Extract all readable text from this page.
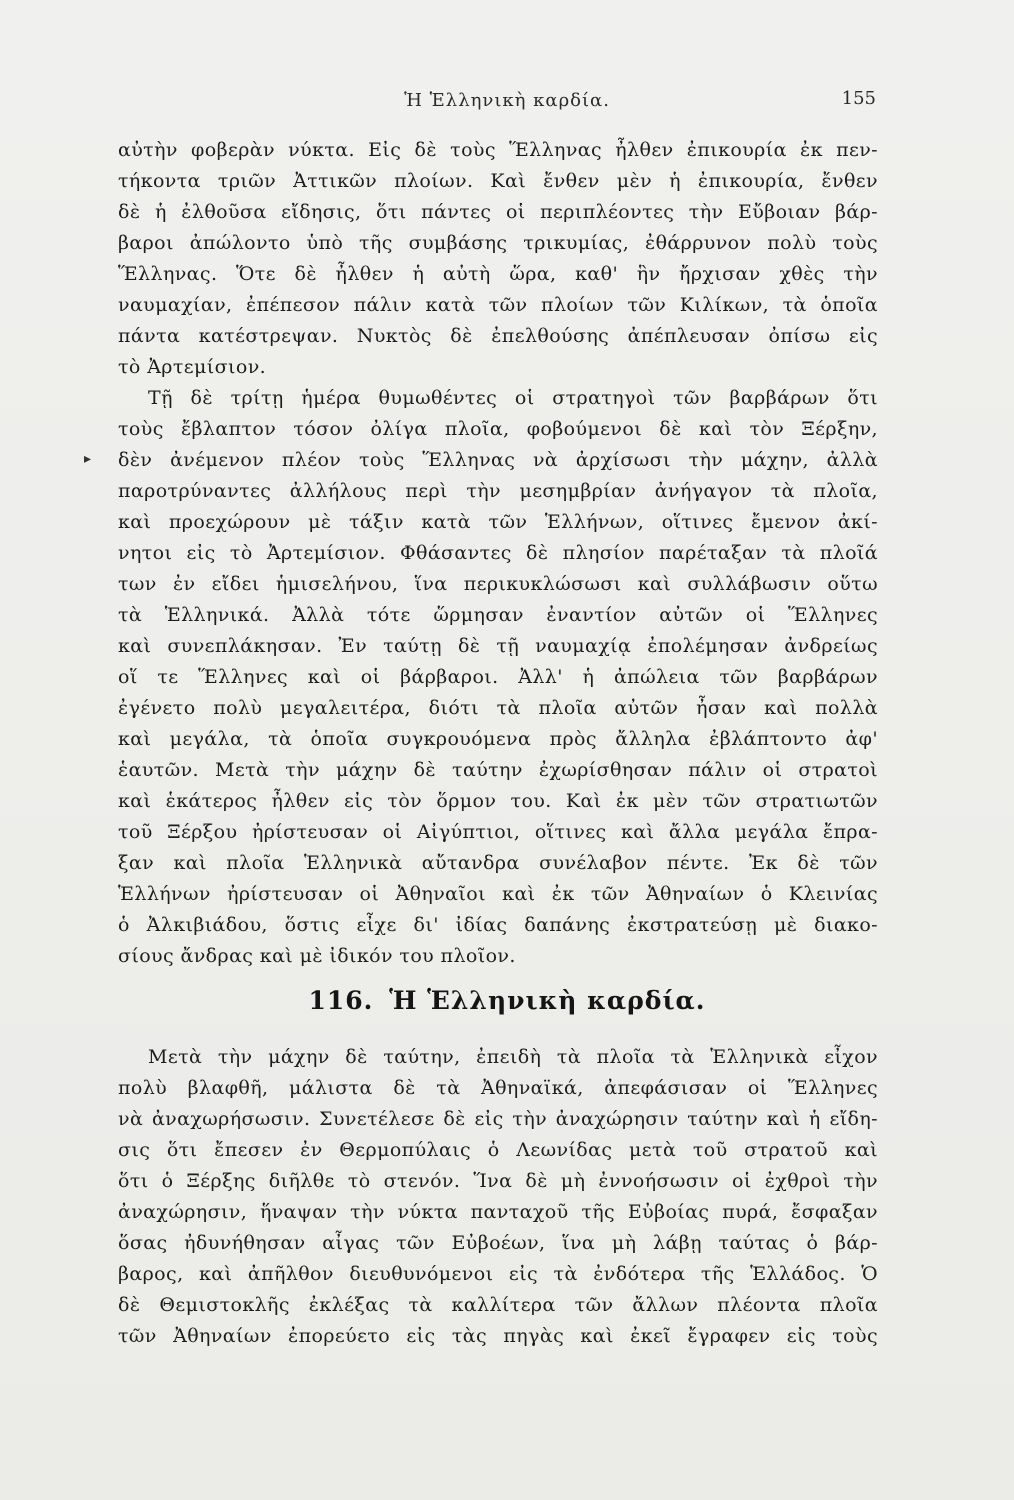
Ἡ Ἑλληνικὴ καρδία.	155
▸
αὐτὴν φοβερὰν νύκτα. Εἰς δὲ τοὺς Ἕλληνας ἦλθεν ἐπικουρία ἐκ πεν-
τήκοντα τριῶν Ἀττικῶν πλοίων. Καὶ ἔνθεν μὲν ἡ ἐπικουρία, ἔνθεν
δὲ ἡ ἐλθοῦσα εἴδησις, ὅτι πάντες οἱ περιπλέοντες τὴν Εὔβοιαν βάρ-
βαροι ἀπώλοντο ὑπὸ τῆς συμβάσης τρικυμίας, ἐθάρρυνον πολὺ τοὺς
Ἕλληνας. Ὅτε δὲ ἦλθεν ἡ αὐτὴ ὥρα, καθ' ἣν ἤρχισαν χθὲς τὴν
ναυμαχίαν, ἐπέπεσον πάλιν κατὰ τῶν πλοίων τῶν Κιλίκων, τὰ ὁποῖα
πάντα κατέστρεψαν. Νυκτὸς δὲ ἐπελθούσης ἀπέπλευσαν ὀπίσω εἰς
τὸ Ἀρτεμίσιον.
Τῇ δὲ τρίτῃ ἡμέρα θυμωθέντες οἱ στρατηγοὶ τῶν βαρβάρων ὅτι
τοὺς ἔβλαπτον τόσον ὀλίγα πλοῖα, φοβούμενοι δὲ καὶ τὸν Ξέρξην,
δὲν ἀνέμενον πλέον τοὺς Ἕλληνας νὰ ἀρχίσωσι τὴν μάχην, ἀλλὰ
παροτρύναντες ἀλλήλους περὶ τὴν μεσημβρίαν ἀνήγαγον τὰ πλοῖα,
καὶ προεχώρουν μὲ τάξιν κατὰ τῶν Ἑλλήνων, οἵτινες ἔμενον ἀκί-
νητοι εἰς τὸ Ἀρτεμίσιον. Φθάσαντες δὲ πλησίον παρέταξαν τὰ πλοῖά
των ἐν εἴδει ἡμισελήνου, ἵνα περικυκλώσωσι καὶ συλλάβωσιν οὕτω
τὰ Ἑλληνικά. Ἀλλὰ τότε ὥρμησαν ἐναντίον αὐτῶν οἱ Ἕλληνες
καὶ συνεπλάκησαν. Ἐν ταύτῃ δὲ τῇ ναυμαχίᾳ ἐπολέμησαν ἀνδρείως
οἵ τε Ἕλληνες καὶ οἱ βάρβαροι. Ἀλλ' ἡ ἀπώλεια τῶν βαρβάρων
ἐγένετο πολὺ μεγαλειτέρα, διότι τὰ πλοῖα αὐτῶν ἦσαν καὶ πολλὰ
καὶ μεγάλα, τὰ ὁποῖα συγκρουόμενα πρὸς ἄλληλα ἐβλάπτοντο ἀφ'
ἑαυτῶν. Μετὰ τὴν μάχην δὲ ταύτην ἐχωρίσθησαν πάλιν οἱ στρατοὶ
καὶ ἑκάτερος ἦλθεν εἰς τὸν ὅρμον του. Καὶ ἐκ μὲν τῶν στρατιωτῶν
τοῦ Ξέρξου ἠρίστευσαν οἱ Αἰγύπτιοι, οἵτινες καὶ ἄλλα μεγάλα ἔπρα-
ξαν καὶ πλοῖα Ἑλληνικὰ αὔτανδρα συνέλαβον πέντε. Ἐκ δὲ τῶν
Ἑλλήνων ἠρίστευσαν οἱ Ἀθηναῖοι καὶ ἐκ τῶν Ἀθηναίων ὁ Κλεινίας
ὁ Ἀλκιβιάδου, ὅστις εἶχε δι' ἰδίας δαπάνης ἐκστρατεύσῃ μὲ διακο-
σίους ἄνδρας καὶ μὲ ἰδικόν του πλοῖον.
116. Ἡ Ἑλληνικὴ καρδία.
Μετὰ τὴν μάχην δὲ ταύτην, ἐπειδὴ τὰ πλοῖα τὰ Ἑλληνικὰ εἶχον
πολὺ βλαφθῆ, μάλιστα δὲ τὰ Ἀθηναϊκά, ἀπεφάσισαν οἱ Ἕλληνες
νὰ ἀναχωρήσωσιν. Συνετέλεσε δὲ εἰς τὴν ἀναχώρησιν ταύτην καὶ ἡ εἴδη-
σις ὅτι ἔπεσεν ἐν Θερμοπύλαις ὁ Λεωνίδας μετὰ τοῦ στρατοῦ καὶ
ὅτι ὁ Ξέρξης διῆλθε τὸ στενόν. Ἵνα δὲ μὴ ἐννοήσωσιν οἱ ἐχθροὶ τὴν
ἀναχώρησιν, ἥναψαν τὴν νύκτα πανταχοῦ τῆς Εὐβοίας πυρά, ἔσφαξαν
ὅσας ἠδυνήθησαν αἶγας τῶν Εὐβοέων, ἵνα μὴ λάβῃ ταύτας ὁ βάρ-
βαρος, καὶ ἀπῆλθον διευθυνόμενοι εἰς τὰ ἐνδότερα τῆς Ἑλλάδος. Ὁ
δὲ Θεμιστοκλῆς ἐκλέξας τὰ καλλίτερα τῶν ἄλλων πλέοντα πλοῖα
τῶν Ἀθηναίων ἐπορεύετο εἰς τὰς πηγὰς καὶ ἐκεῖ ἔγραφεν εἰς τοὺς
